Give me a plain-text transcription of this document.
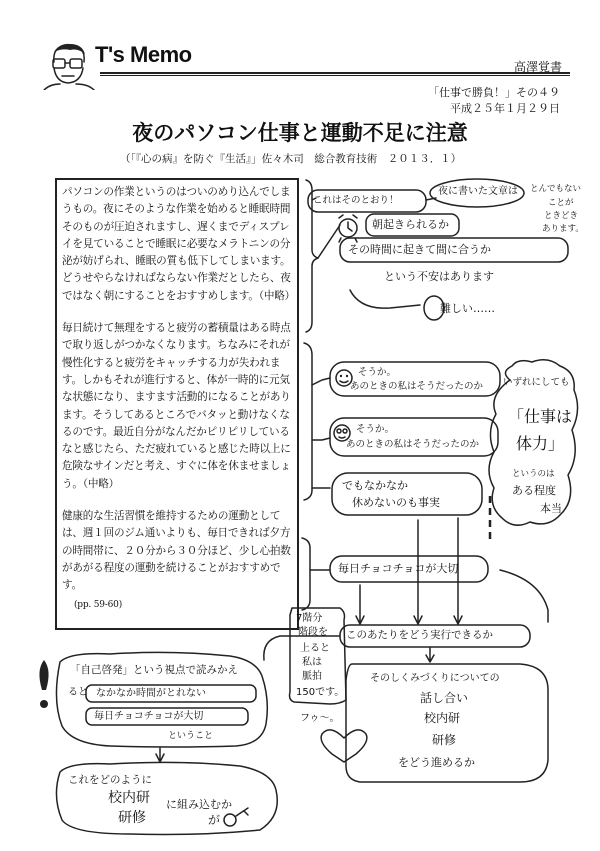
T's Memo	高澤覚書
「仕事で勝負！」その４９
平成２５年１月２９日
夜のパソコン仕事と運動不足に注意
（「『心の病』を防ぐ『生活』」佐々木司　総合教育技術　２０１３．１）

パソコンの作業というのはついのめり込んでしまうもの。夜にそのような作業を始めると睡眠時間そのものが圧迫されますし、遅くまでディスプレイを見ていることで睡眠に必要なメラトニンの分泌が妨げられ、睡眠の質も低下してしまいます。どうせやらなければならない作業だとしたら、夜ではなく朝にすることをおすすめします。（中略）

毎日続けて無理をすると疲労の蓄積量はある時点で取り返しがつかなくなります。ちなみにそれが慢性化すると疲労をキャッチする力が失われます。しかもそれが進行すると、体が一時的に元気な状態になり、ますます活動的になることがあります。そうしてあるところでバタッと動けなくなるのです。最近自分がなんだかピリピリしているなと感じたら、ただ疲れていると感じた時以上に危険なサインだと考え、すぐに体を休ませましょう。（中略）

健康的な生活習慣を維持するための運動としては、週１回のジム通いよりも、毎日できれば夕方の時間帯に、２０分から３０分ほど、少し心拍数があがる程度の運動を続けることがおすすめです。

(pp. 59-60)
これはそのとおり！
夜に書いた文章は とんでもない
ことが
ときどき
あります。
朝起きられるか
その時間に起きて間に合うか
という不安はあります
難しい……
そうか。
あのときの私はそうだったのか
そうか。
あのときの私はそうだったのか
いずれにしても
「仕事は
体力」
というのは
ある程度
本当
でもなかなか
休めないのも事実
毎日チョコチョコが大切
7階分
階段を
上ると
私は
脈拍
150です。
フゥ〜。
このあたりをどう実行できるか
そのしくみづくりについての
話し合い
校内研
研修
をどう進めるか
「自己啓発」という視点で読みかえ
ると なかなか時間がとれない
毎日チョコチョコが大切
ということ
これをどのように
校内研 に組み込むか
研修	が
